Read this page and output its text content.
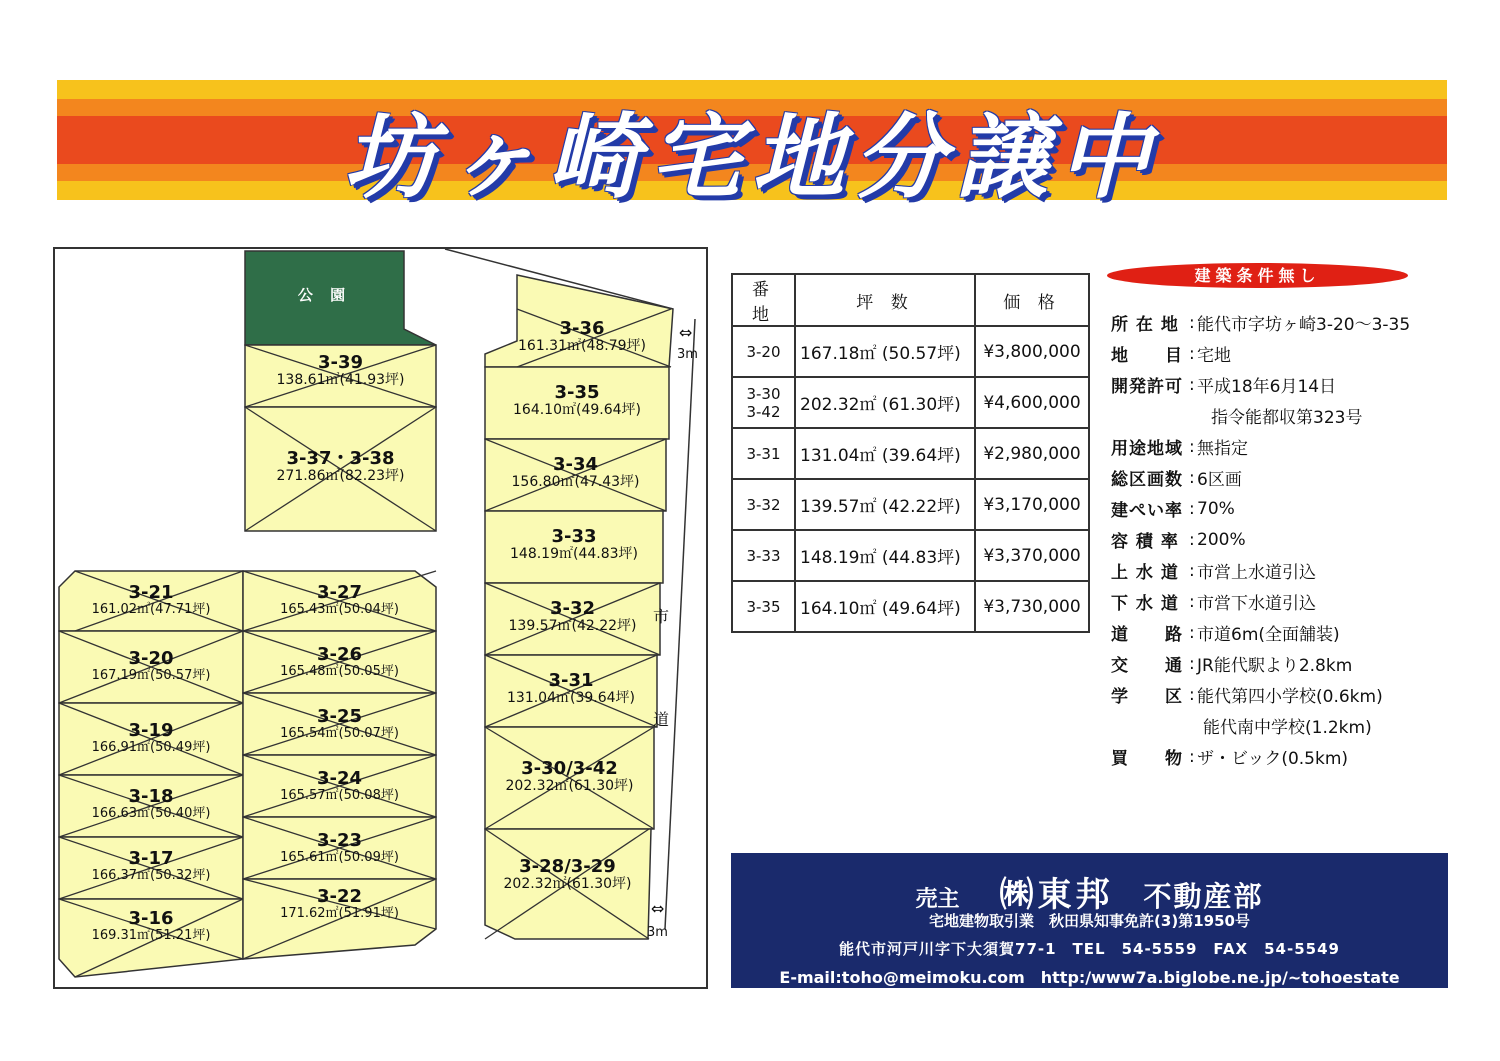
坊ヶ崎宅地分譲中
公 園
市
道
⇔
3m
⇔
3m
3-39
138.61㎡(41.93坪)
3-37・3-38
271.86㎡(82.23坪)
3-36
161.31㎡(48.79坪)
3-35
164.10㎡(49.64坪)
3-34
156.80㎡(47.43坪)
3-33
148.19㎡(44.83坪)
3-32
139.57㎡(42.22坪)
3-31
131.04㎡(39.64坪)
3-30/3-42
202.32㎡(61.30坪)
3-28/3-29
202.32㎡(61.30坪)
3-21
161.02㎡(47.71坪)
3-20
167.19㎡(50.57坪)
3-19
166.91㎡(50.49坪)
3-18
166.63㎡(50.40坪)
3-17
166.37㎡(50.32坪)
3-16
169.31㎡(51.21坪)
3-27
165.43㎡(50.04坪)
3-26
165.48㎡(50.05坪)
3-25
165.54㎡(50.07坪)
3-24
165.57㎡(50.08坪)
3-23
165.61㎡(50.09坪)
3-22
171.62㎡(51.91坪)
番 地	坪 数	価 格
3-20	167.18㎡ (50.57坪)	¥3,800,000
3-30
3-42	202.32㎡ (61.30坪)	¥4,600,000
3-31	131.04㎡ (39.64坪)	¥2,980,000
3-32	139.57㎡ (42.22坪)	¥3,170,000
3-33	148.19㎡ (44.83坪)	¥3,370,000
3-35	164.10㎡ (49.64坪)	¥3,730,000
建築条件無し
所 在 地 : 能代市字坊ヶ崎3-20～3-35
地　　目 : 宅地
開発許可 : 平成18年6月14日
指令能都収第323号
用途地域 : 無指定
総区画数 : 6区画
建ぺい率 : 70%
容 積 率 : 200%
上 水 道 : 市営上水道引込
下 水 道 : 市営下水道引込
道　　路 : 市道6m(全面舗装)
交　　通 : JR能代駅より2.8km
学　　区 : 能代第四小学校(0.6km)
能代南中学校(1.2km)
買　　物 : ザ・ビック(0.5km)
売主 ㈱東邦 不動産部
宅地建物取引業　秋田県知事免許(3)第1950号
能代市河戸川字下大須賀77-1　TEL　54-5559　FAX　54-5549
E-mail:toho@meimoku.com　http:/www7a.biglobe.ne.jp/~tohoestate
